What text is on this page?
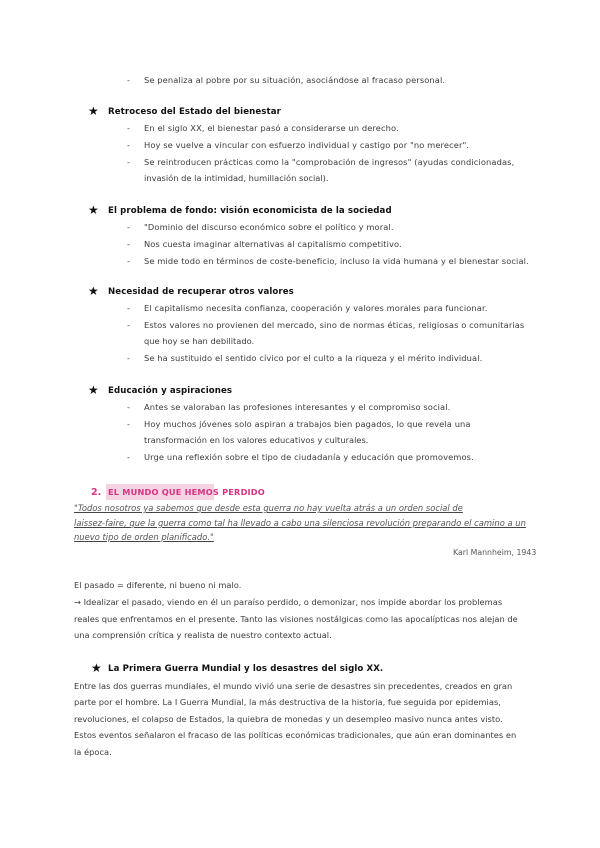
- Se penaliza al pobre por su situación, asociándose al fracaso personal.
★ Retroceso del Estado del bienestar
- En el siglo XX, el bienestar pasó a considerarse un derecho.
- Hoy se vuelve a vincular con esfuerzo individual y castigo por "no merecer".
- Se reintroducen prácticas como la "comprobación de ingresos" (ayudas condicionadas,
invasión de la intimidad, humillación social).
★ El problema de fondo: visión economicista de la sociedad
- "Dominio del discurso económico sobre el político y moral.
- Nos cuesta imaginar alternativas al capitalismo competitivo.
- Se mide todo en términos de coste-beneficio, incluso la vida humana y el bienestar social.
★ Necesidad de recuperar otros valores
- El capitalismo necesita confianza, cooperación y valores morales para funcionar.
- Estos valores no provienen del mercado, sino de normas éticas, religiosas o comunitarias
que hoy se han debilitado.
- Se ha sustituido el sentido cívico por el culto a la riqueza y el mérito individual.
★ Educación y aspiraciones
- Antes se valoraban las profesiones interesantes y el compromiso social.
- Hoy muchos jóvenes solo aspiran a trabajos bien pagados, lo que revela una
transformación en los valores educativos y culturales.
- Urge una reflexión sobre el tipo de ciudadanía y educación que promovemos.
2. EL MUNDO QUE HEMOS PERDIDO
"Todos nosotros ya sabemos que desde esta guerra no hay vuelta atrás a un orden social de
laissez-faire, que la guerra como tal ha llevado a cabo una silenciosa revolución preparando el camino a un
nuevo tipo de orden planificado."
Karl Mannheim, 1943
El pasado = diferente, ni bueno ni malo.
→ Idealizar el pasado, viendo en él un paraíso perdido, o demonizar, nos impide abordar los problemas
reales que enfrentamos en el presente. Tanto las visiones nostálgicas como las apocalípticas nos alejan de
una comprensión crítica y realista de nuestro contexto actual.
★ La Primera Guerra Mundial y los desastres del siglo XX.
Entre las dos guerras mundiales, el mundo vivió una serie de desastres sin precedentes, creados en gran
parte por el hombre. La I Guerra Mundial, la más destructiva de la historia, fue seguida por epidemias,
revoluciones, el colapso de Estados, la quiebra de monedas y un desempleo masivo nunca antes visto.
Estos eventos señalaron el fracaso de las políticas económicas tradicionales, que aún eran dominantes en
la época.
